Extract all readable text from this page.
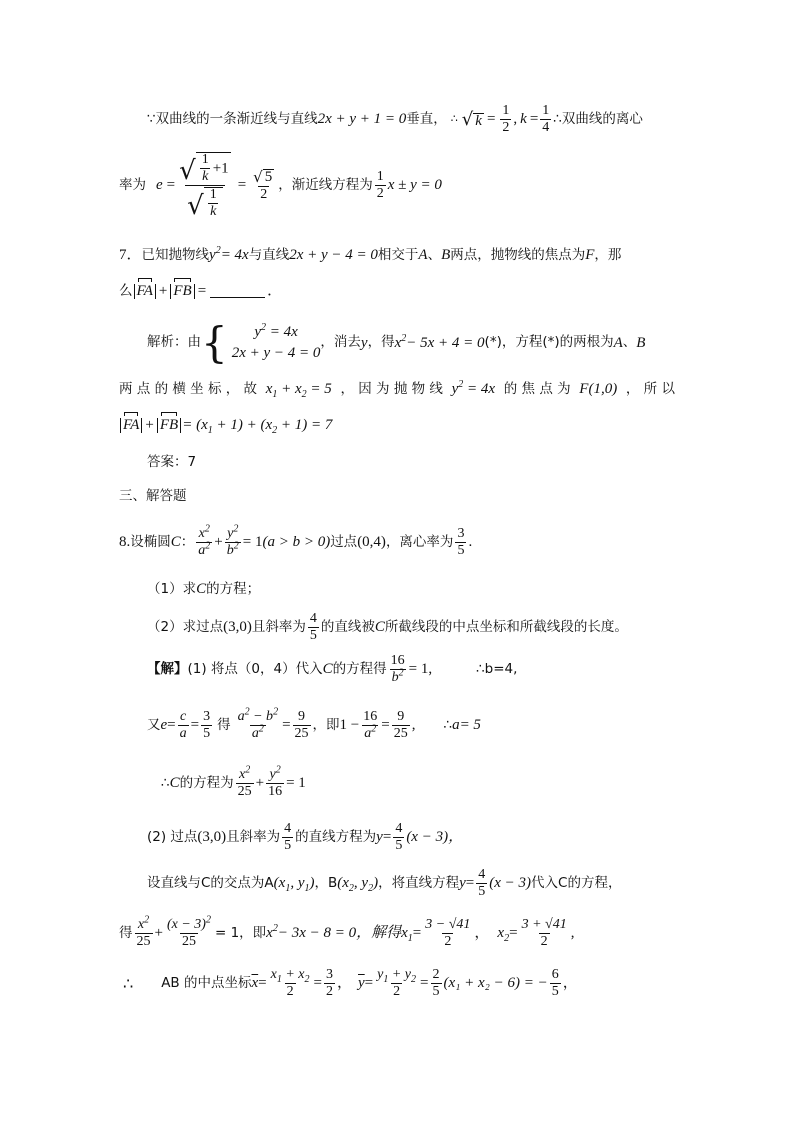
∵双曲线的一条渐近线与直线 2x + y + 1 = 0 垂直， ∴ √ $k = \frac{1}{2}$ , $k = \frac{1}{4}$ ∴双曲线的离心
率为 $e = \frac{√ \frac{1}{k} +1}{√ \frac{1}{k}} = \frac{√ 5}{2}$ ，渐近线方程为 $\frac{1}{2}$ x ± y = 0
7． 已知抛物线 $y^2 = 4x$ 与直线 2x + y − 4 = 0 相交于 A 、 B 两点，抛物线的焦点为 F ，那
么 FA + FB =	．
解析：由 { $y^2 = 4x$
2x + y − 4 = 0
，消去 y ，得 $x^2 - 5x + 4 = 0$ (*)，方程(*)的两根为 A 、 B
两 点 的 横 坐 标 ， 故 $x_1 + x_2 = 5$ ， 因 为 抛 物 线 $y^2 = 4x$ 的 焦 点 为 F(1,0) ， 所 以
FA + FB = $(x_1 + 1) + (x_2 + 1) = 7$
答案：7
三、解答题
8. 设椭圆 C ： $\frac{x^2}{a^2} + \frac{y^2}{b^2} = 1$ (a > b > 0) 过点 (0,4) ，离心率为 $\frac{3}{5}$ .
（1）求 C 的方程；
（2）求过点 (3,0) 且斜率为 $\frac{4}{5}$ 的直线被 C 所截线段的中点坐标和所截线段的长度。
【解】 (1) 将点（0，4）代入 C 的方程得 $\frac{16}{b^2} = 1$,	∴b=4,
又 $e = \frac{c}{a} = \frac{3}{5}$ 得 $\frac{a^2 - b^2}{a^2} = \frac{9}{25}$ ，即 $1 - \frac{16}{a^2} = \frac{9}{25}$ , ∴ a= 5
∴ C 的方程为 $\frac{x^2}{25} + \frac{y^2}{16} = 1$
(2) 过点 (3,0) 且斜率为 $\frac{4}{5}$ 的直线方程为 $y = \frac{4}{5} (x - 3)$，
设直线与C的交点为A ($x_1$, $y_1$) ，B ($x_2$, $y_2$) ，将直线方程 $y = \frac{4}{5} (x - 3)$ 代入C的方程，
得 $\frac{x^2}{25} + \frac{(x - 3)^2}{25} = 1$，即 $x^2 - 3x - 8 = 0$，解得 $x_1 = \frac{3 - √41}{2}$ ， $x_2 = \frac{3 + √41}{2}$ ,
∴ AB 的中点坐标 $\overline{x} = \frac{x_1 + x_2}{2} = \frac{3}{2}$ ， $\overline{y} = \frac{y_1 + y_2}{2} = \frac{2}{5} (x_1 + x_2 - 6)$ = − $\frac{6}{5}$ ，
